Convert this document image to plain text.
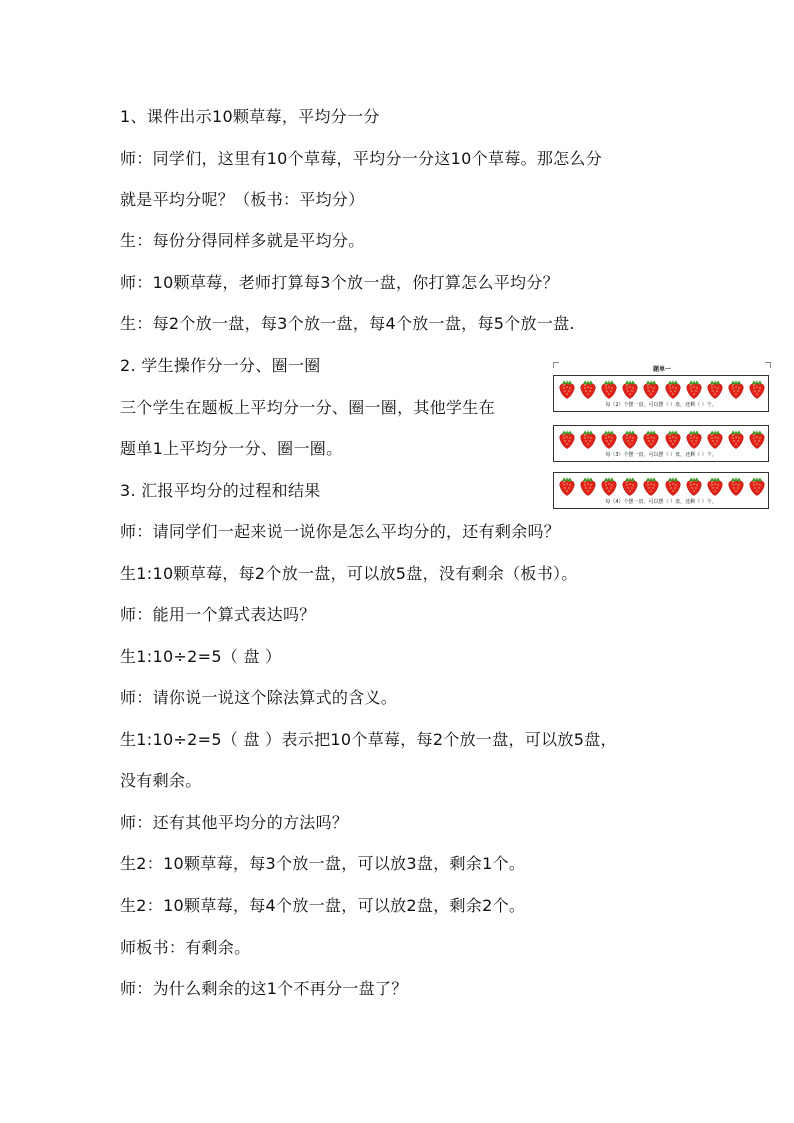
1、课件出示10颗草莓，平均分一分
师：同学们，这里有10个草莓，平均分一分这10个草莓。那怎么分
就是平均分呢？（板书：平均分）
生：每份分得同样多就是平均分。
师：10颗草莓，老师打算每3个放一盘，你打算怎么平均分？
生：每2个放一盘，每3个放一盘，每4个放一盘，每5个放一盘.
2. 学生操作分一分、圈一圈
三个学生在题板上平均分一分、圈一圈，其他学生在
题单1上平均分一分、圈一圈。
3. 汇报平均分的过程和结果
师：请同学们一起来说一说你是怎么平均分的，还有剩余吗？
生1:10颗草莓，每2个放一盘，可以放5盘，没有剩余（板书）。
师：能用一个算式表达吗？
生1:10÷2=5（ 盘 ）
师：请你说一说这个除法算式的含义。
生1:10÷2=5（ 盘 ）表示把10个草莓，每2个放一盘，可以放5盘，
没有剩余。
师：还有其他平均分的方法吗？
生2：10颗草莓，每3个放一盘，可以放3盘，剩余1个。
生2：10颗草莓，每4个放一盘，可以放2盘，剩余2个。
师板书：有剩余。
师：为什么剩余的这1个不再分一盘了？
题单一
每（2）个摆一盘，可以摆（ ）盘，还剩（ ）个。
每（3）个摆一盘，可以摆（ ）盘，还剩（ ）个。
每（4）个摆一盘，可以摆（ ）盘，还剩（ ）个。
